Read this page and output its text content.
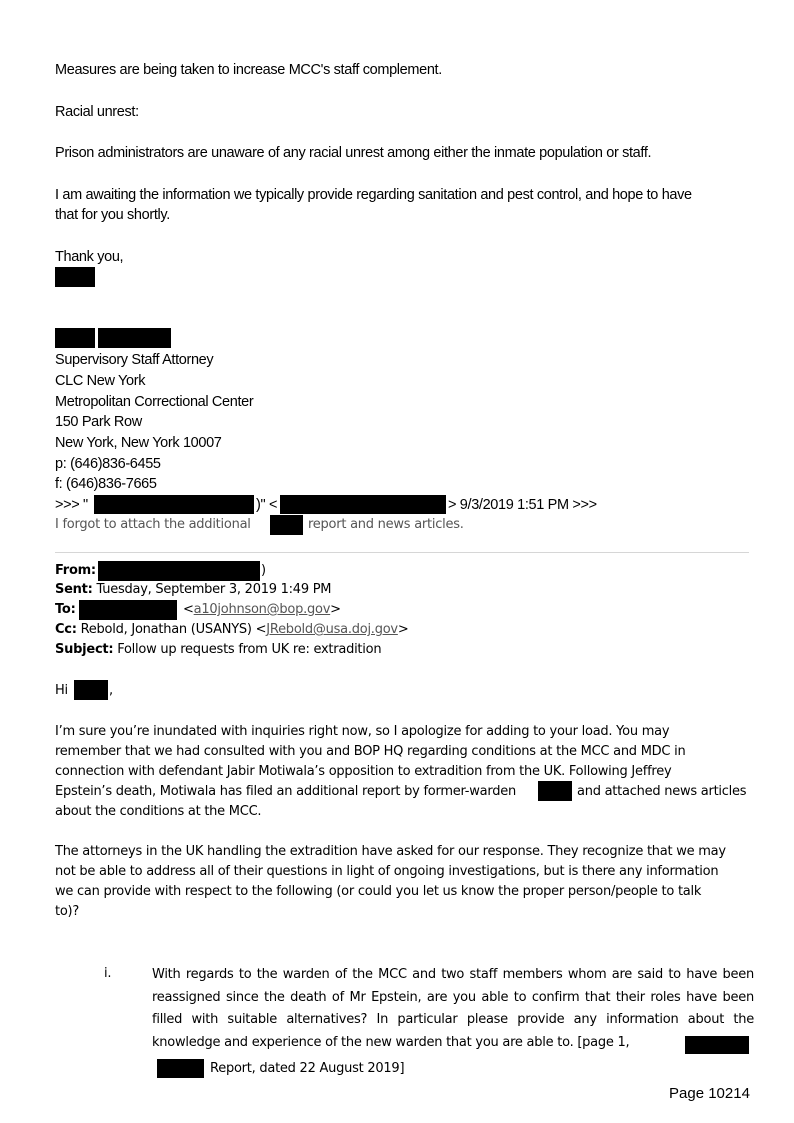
Measures are being taken to increase MCC's staff complement.
Racial unrest:
Prison administrators are unaware of any racial unrest among either the inmate population or staff.
I am awaiting the information we typically provide regarding sanitation and pest control, and hope to have
that for you shortly.
Thank you,
Supervisory Staff Attorney
CLC New York
Metropolitan Correctional Center
150 Park Row
New York, New York 10007
p: (646)836-6455
f: (646)836-7665
>>> "	)" <	> 9/3/2019 1:51 PM >>>
I forgot to attach the additional	report and news articles.
From:	)
Sent: Tuesday, September 3, 2019 1:49 PM
To:	<a10johnson@bop.gov>
Cc: Rebold, Jonathan (USANYS) <JRebold@usa.doj.gov>
Subject: Follow up requests from UK re: extradition
Hi	,
I’m sure you’re inundated with inquiries right now, so I apologize for adding to your load. You may
remember that we had consulted with you and BOP HQ regarding conditions at the MCC and MDC in
connection with defendant Jabir Motiwala’s opposition to extradition from the UK. Following Jeffrey
Epstein’s death, Motiwala has filed an additional report by former-warden	and attached news articles
about the conditions at the MCC.
The attorneys in the UK handling the extradition have asked for our response. They recognize that we may
not be able to address all of their questions in light of ongoing investigations, but is there any information
we can provide with respect to the following (or could you let us know the proper person/people to talk
to)?
i.	With regards to the warden of the MCC and two staff members whom are said to have been reassigned since the death of Mr Epstein, are you able to confirm that their roles have been filled with suitable alternatives? In particular please provide any information about the knowledge and experience of the new warden that you are able to. [page 1,
Report, dated 22 August 2019]
Page 10214
